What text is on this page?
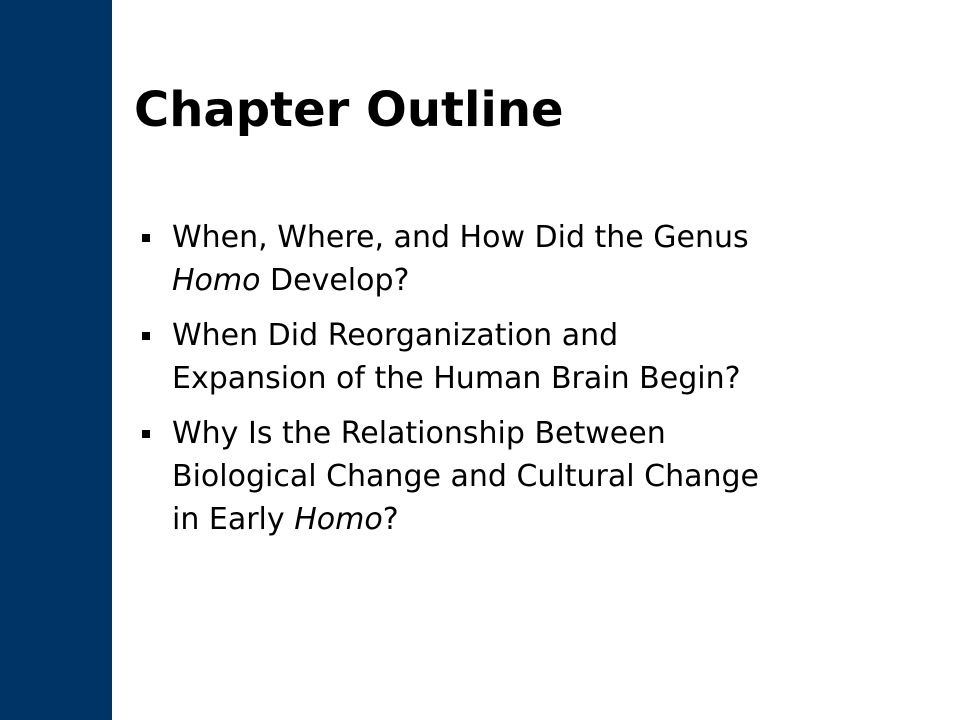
Chapter Outline
When, Where, and How Did the Genus
Homo Develop?
When Did Reorganization and
Expansion of the Human Brain Begin?
Why Is the Relationship Between
Biological Change and Cultural Change
in Early Homo?
